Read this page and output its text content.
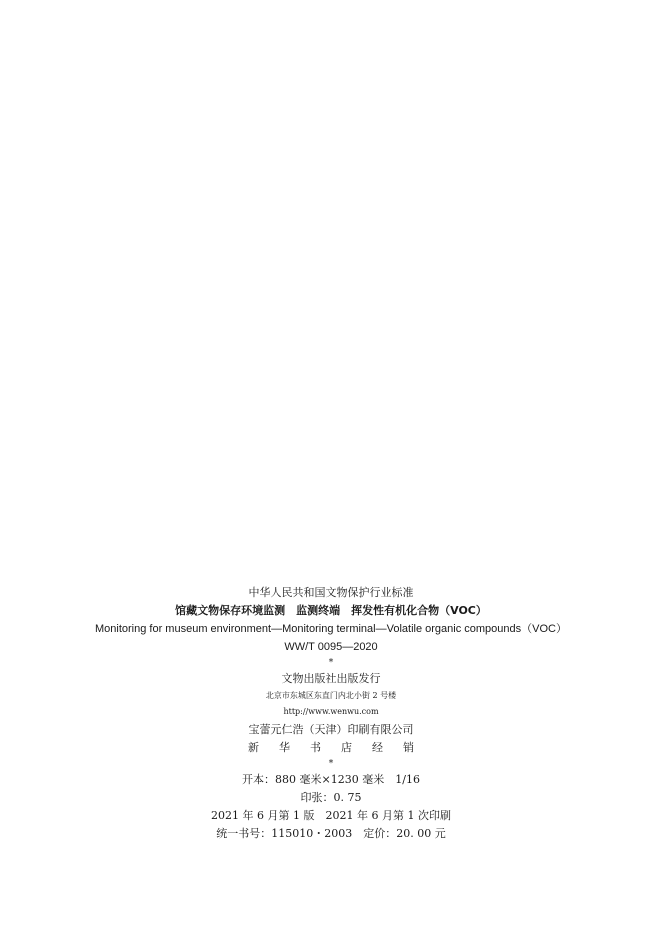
中华人民共和国文物保护行业标准
馆藏文物保存环境监测　监测终端　挥发性有机化合物（VOC）
Monitoring for museum environment—Monitoring terminal—Volatile organic compounds（VOC）
WW/T 0095—2020
*
文物出版社出版发行
北京市东城区东直门内北小街 2 号楼
http://www.wenwu.com
宝蕾元仁浩（天津）印刷有限公司
新 华 书 店 经 销
*
开本：880 毫米×1230 毫米　1/16
印张：0. 75
2021 年 6 月第 1 版　2021 年 6 月第 1 次印刷
统一书号：115010・2003　定价：20. 00 元
